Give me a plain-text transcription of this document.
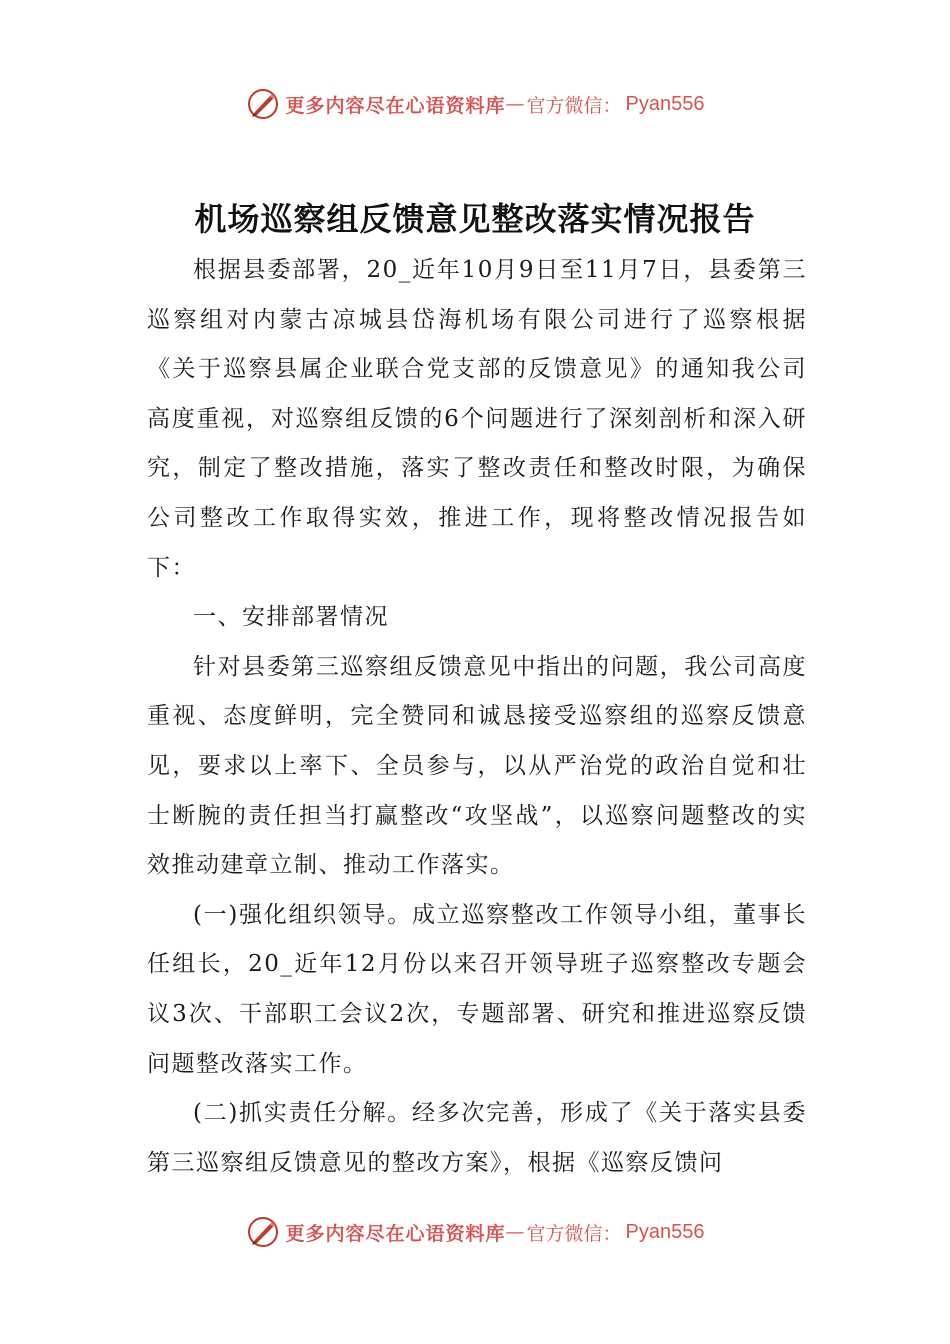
更多内容尽在心语资料库 — 官方微信： Pyan556
机场巡察组反馈意见整改落实情况报告

根据县委部署，20_近年10月9日至11月7日，县委第三巡察组对内蒙古凉城县岱海机场有限公司进行了巡察根据《关于巡察县属企业联合党支部的反馈意见》的通知我公司高度重视，对巡察组反馈的6个问题进行了深刻剖析和深入研究，制定了整改措施，落实了整改责任和整改时限，为确保公司整改工作取得实效，推进工作，现将整改情况报告如下：

一、安排部署情况

针对县委第三巡察组反馈意见中指出的问题，我公司高度重视、态度鲜明，完全赞同和诚恳接受巡察组的巡察反馈意见，要求以上率下、全员参与，以从严治党的政治自觉和壮士断腕的责任担当打赢整改“攻坚战”，以巡察问题整改的实效推动建章立制、推动工作落实。

(一)强化组织领导。成立巡察整改工作领导小组，董事长任组长，20_近年12月份以来召开领导班子巡察整改专题会议3次、干部职工会议2次，专题部署、研究和推进巡察反馈问题整改落实工作。

(二)抓实责任分解。经多次完善，形成了《关于落实县委第三巡察组反馈意见的整改方案》，根据《巡察反馈问

更多内容尽在心语资料库 — 官方微信： Pyan556
